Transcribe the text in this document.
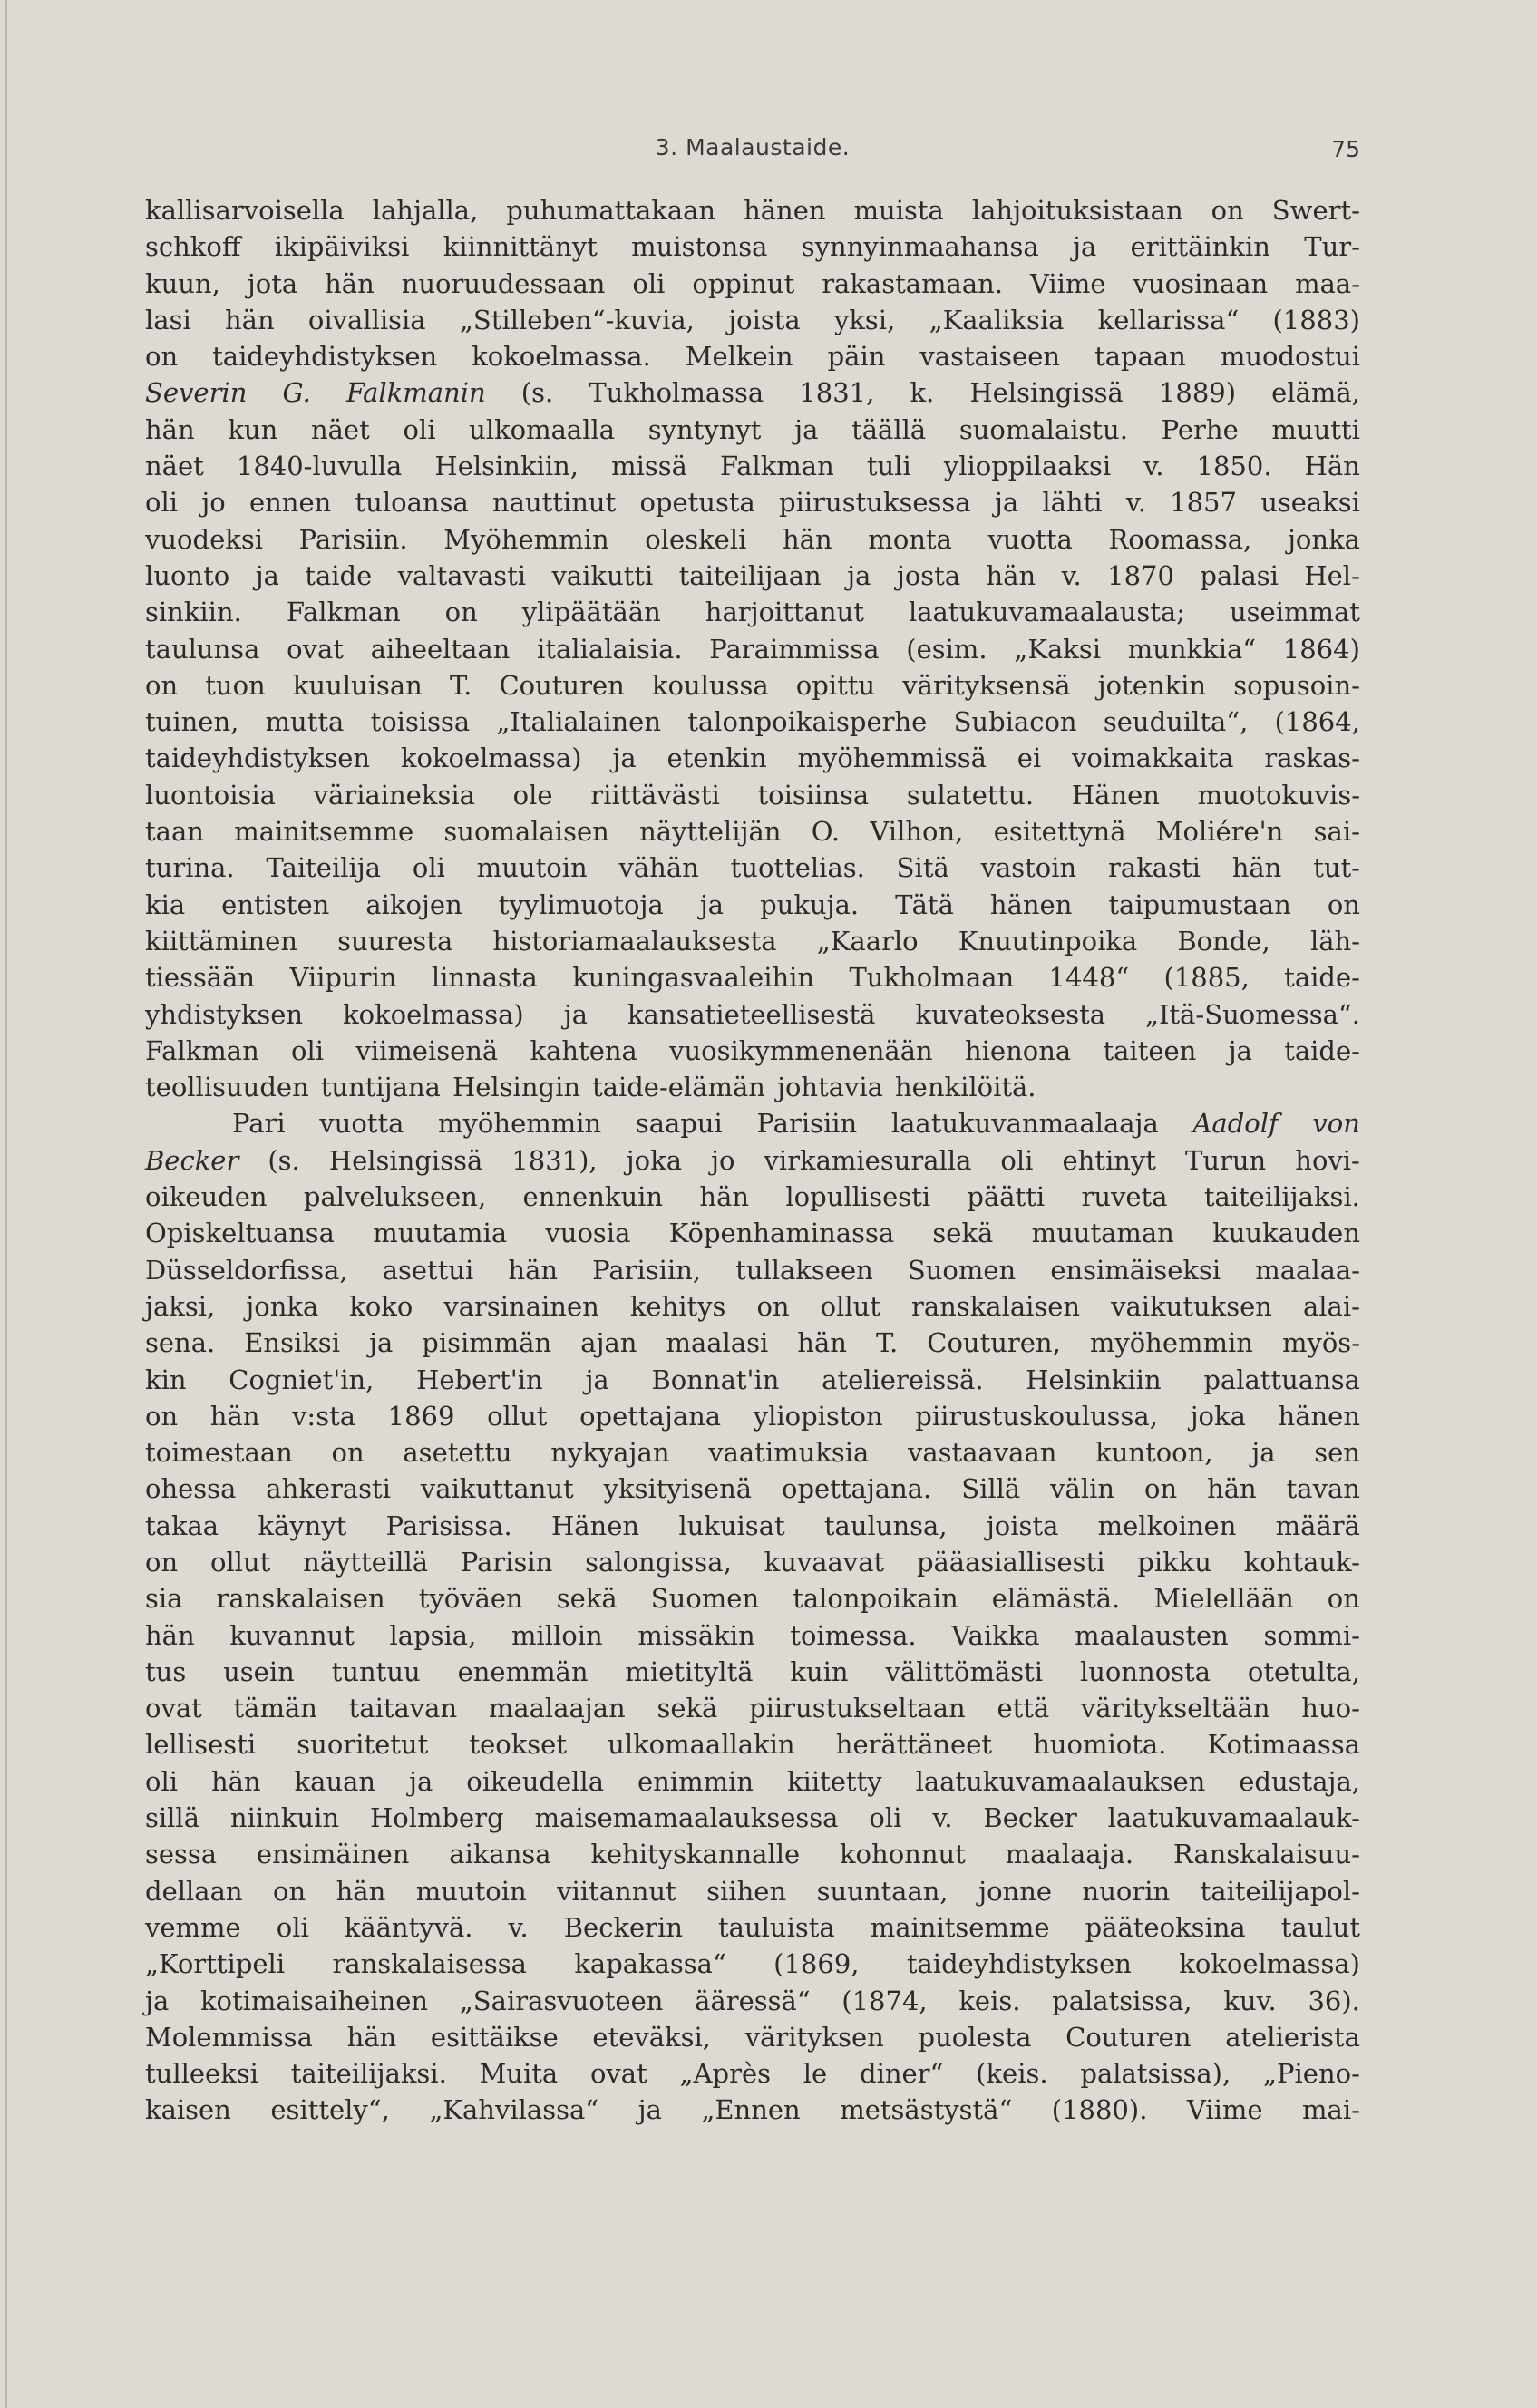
3. Maalaustaide.	75
kallisarvoisella lahjalla, puhumattakaan hänen muista lahjoituksistaan on Swert-
schkoff ikipäiviksi kiinnittänyt muistonsa synnyinmaahansa ja erittäinkin Tur-
kuun, jota hän nuoruudessaan oli oppinut rakastamaan. Viime vuosinaan maa-
lasi hän oivallisia „Stilleben“-kuvia, joista yksi, „Kaaliksia kellarissa“ (1883)
on taideyhdistyksen kokoelmassa. Melkein päin vastaiseen tapaan muodostui
Severin G. Falkmanin (s. Tukholmassa 1831, k. Helsingissä 1889) elämä,
hän kun näet oli ulkomaalla syntynyt ja täällä suomalaistu. Perhe muutti
näet 1840-luvulla Helsinkiin, missä Falkman tuli ylioppilaaksi v. 1850. Hän
oli jo ennen tuloansa nauttinut opetusta piirustuksessa ja lähti v. 1857 useaksi
vuodeksi Parisiin. Myöhemmin oleskeli hän monta vuotta Roomassa, jonka
luonto ja taide valtavasti vaikutti taiteilijaan ja josta hän v. 1870 palasi Hel-
sinkiin. Falkman on ylipäätään harjoittanut laatukuvamaalausta; useimmat
taulunsa ovat aiheeltaan italialaisia. Paraimmissa (esim. „Kaksi munkkia“ 1864)
on tuon kuuluisan T. Couturen koulussa opittu värityksensä jotenkin sopusoin-
tuinen, mutta toisissa „Italialainen talonpoikaisperhe Subiacon seuduilta“, (1864,
taideyhdistyksen kokoelmassa) ja etenkin myöhemmissä ei voimakkaita raskas-
luontoisia väriaineksia ole riittävästi toisiinsa sulatettu. Hänen muotokuvis-
taan mainitsemme suomalaisen näyttelijän O. Vilhon, esitettynä Moliére'n sai-
turina. Taiteilija oli muutoin vähän tuottelias. Sitä vastoin rakasti hän tut-
kia entisten aikojen tyylimuotoja ja pukuja. Tätä hänen taipumustaan on
kiittäminen suuresta historiamaalauksesta „Kaarlo Knuutinpoika Bonde, läh-
tiessään Viipurin linnasta kuningasvaaleihin Tukholmaan 1448“ (1885, taide-
yhdistyksen kokoelmassa) ja kansatieteellisestä kuvateoksesta „Itä-Suomessa“.
Falkman oli viimeisenä kahtena vuosikymmenenään hienona taiteen ja taide-
teollisuuden tuntijana Helsingin taide-elämän johtavia henkilöitä.
Pari vuotta myöhemmin saapui Parisiin laatukuvanmaalaaja Aadolf von
Becker (s. Helsingissä 1831), joka jo virkamiesuralla oli ehtinyt Turun hovi-
oikeuden palvelukseen, ennenkuin hän lopullisesti päätti ruveta taiteilijaksi.
Opiskeltuansa muutamia vuosia Köpenhaminassa sekä muutaman kuukauden
Düsseldorfissa, asettui hän Parisiin, tullakseen Suomen ensimäiseksi maalaa-
jaksi, jonka koko varsinainen kehitys on ollut ranskalaisen vaikutuksen alai-
sena. Ensiksi ja pisimmän ajan maalasi hän T. Couturen, myöhemmin myös-
kin Cogniet'in, Hebert'in ja Bonnat'in ateliereissä. Helsinkiin palattuansa
on hän v:sta 1869 ollut opettajana yliopiston piirustuskoulussa, joka hänen
toimestaan on asetettu nykyajan vaatimuksia vastaavaan kuntoon, ja sen
ohessa ahkerasti vaikuttanut yksityisenä opettajana. Sillä välin on hän tavan
takaa käynyt Parisissa. Hänen lukuisat taulunsa, joista melkoinen määrä
on ollut näytteillä Parisin salongissa, kuvaavat pääasiallisesti pikku kohtauk-
sia ranskalaisen työväen sekä Suomen talonpoikain elämästä. Mielellään on
hän kuvannut lapsia, milloin missäkin toimessa. Vaikka maalausten sommi-
tus usein tuntuu enemmän mietityltä kuin välittömästi luonnosta otetulta,
ovat tämän taitavan maalaajan sekä piirustukseltaan että väritykseltään huo-
lellisesti suoritetut teokset ulkomaallakin herättäneet huomiota. Kotimaassa
oli hän kauan ja oikeudella enimmin kiitetty laatukuvamaalauksen edustaja,
sillä niinkuin Holmberg maisemamaalauksessa oli v. Becker laatukuvamaalauk-
sessa ensimäinen aikansa kehityskannalle kohonnut maalaaja. Ranskalaisuu-
dellaan on hän muutoin viitannut siihen suuntaan, jonne nuorin taiteilijapol-
vemme oli kääntyvä. v. Beckerin tauluista mainitsemme pääteoksina taulut
„Korttipeli ranskalaisessa kapakassa“ (1869, taideyhdistyksen kokoelmassa)
ja kotimaisaiheinen „Sairasvuoteen ääressä“ (1874, keis. palatsissa, kuv. 36).
Molemmissa hän esittäikse eteväksi, värityksen puolesta Couturen atelierista
tulleeksi taiteilijaksi. Muita ovat „Après le diner“ (keis. palatsissa), „Pieno-
kaisen esittely“, „Kahvilassa“ ja „Ennen metsästystä“ (1880). Viime mai-
